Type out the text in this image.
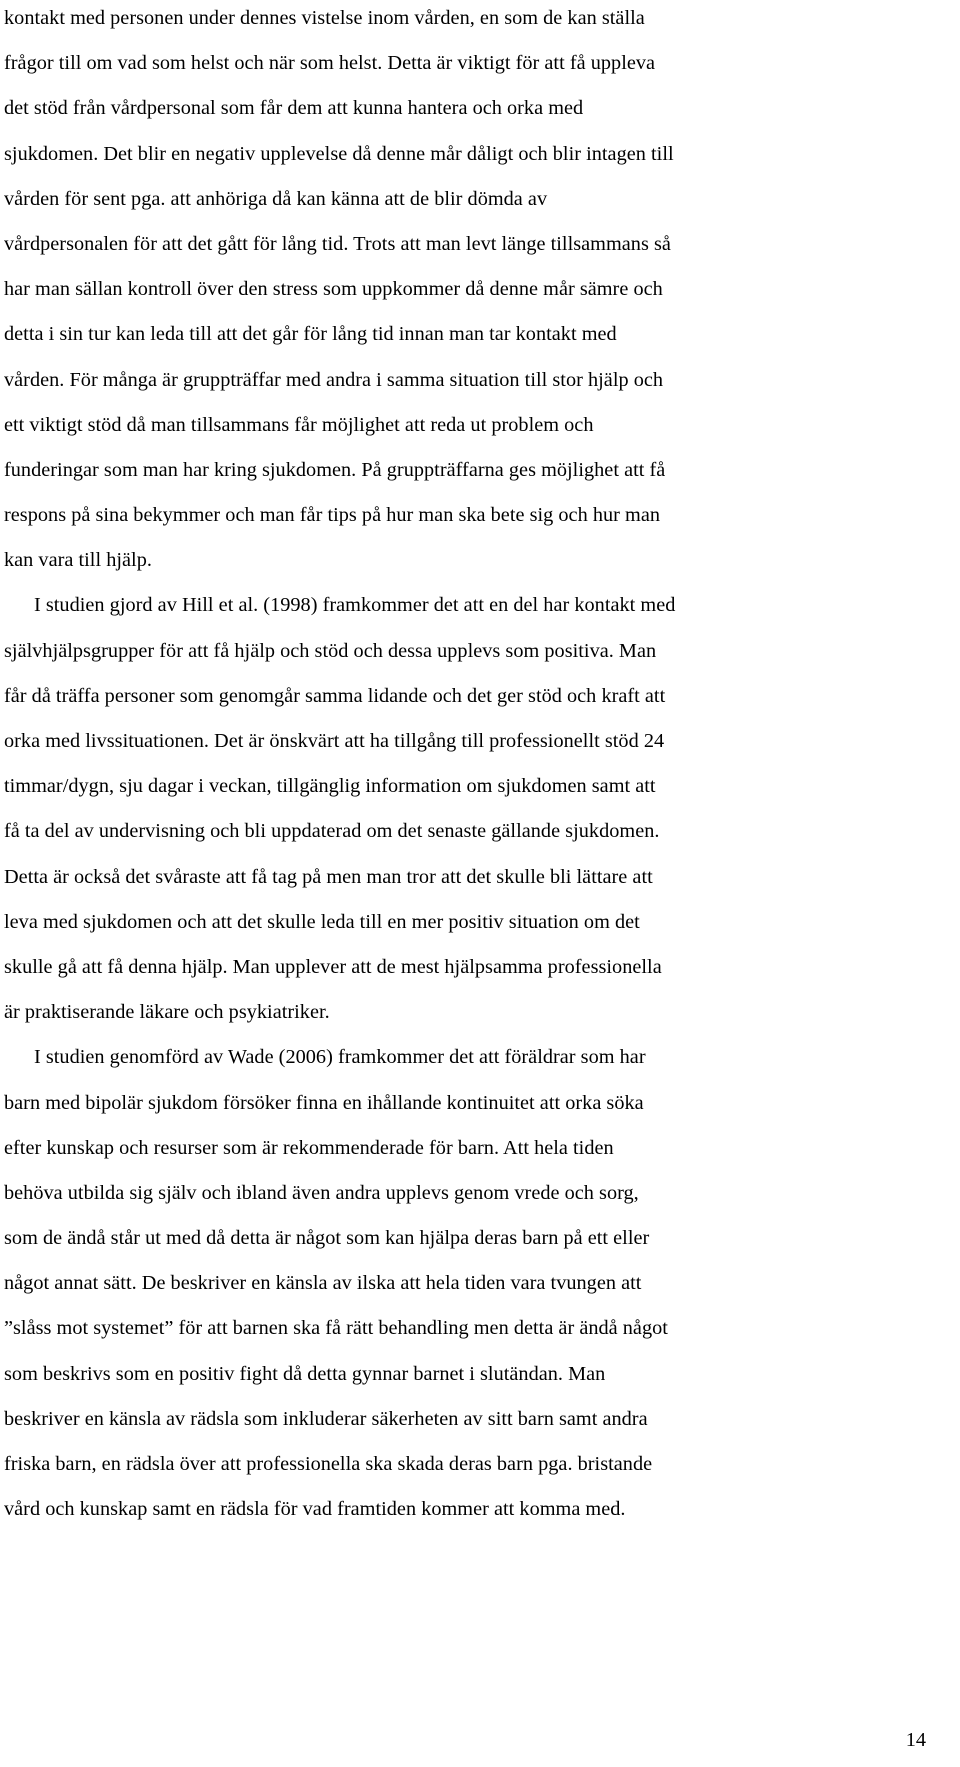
kontakt med personen under dennes vistelse inom vården, en som de kan ställa
frågor till om vad som helst och när som helst. Detta är viktigt för att få uppleva
det stöd från vårdpersonal som får dem att kunna hantera och orka med
sjukdomen. Det blir en negativ upplevelse då denne mår dåligt och blir intagen till
vården för sent pga. att anhöriga då kan känna att de blir dömda av
vårdpersonalen för att det gått för lång tid. Trots att man levt länge tillsammans så
har man sällan kontroll över den stress som uppkommer då denne mår sämre och
detta i sin tur kan leda till att det går för lång tid innan man tar kontakt med
vården. För många är gruppträffar med andra i samma situation till stor hjälp och
ett viktigt stöd då man tillsammans får möjlighet att reda ut problem och
funderingar som man har kring sjukdomen. På gruppträffarna ges möjlighet att få
respons på sina bekymmer och man får tips på hur man ska bete sig och hur man
kan vara till hjälp.
I studien gjord av Hill et al. (1998) framkommer det att en del har kontakt med
självhjälpsgrupper för att få hjälp och stöd och dessa upplevs som positiva. Man
får då träffa personer som genomgår samma lidande och det ger stöd och kraft att
orka med livssituationen. Det är önskvärt att ha tillgång till professionellt stöd 24
timmar/dygn, sju dagar i veckan, tillgänglig information om sjukdomen samt att
få ta del av undervisning och bli uppdaterad om det senaste gällande sjukdomen.
Detta är också det svåraste att få tag på men man tror att det skulle bli lättare att
leva med sjukdomen och att det skulle leda till en mer positiv situation om det
skulle gå att få denna hjälp. Man upplever att de mest hjälpsamma professionella
är praktiserande läkare och psykiatriker.
I studien genomförd av Wade (2006) framkommer det att föräldrar som har
barn med bipolär sjukdom försöker finna en ihållande kontinuitet att orka söka
efter kunskap och resurser som är rekommenderade för barn. Att hela tiden
behöva utbilda sig själv och ibland även andra upplevs genom vrede och sorg,
som de ändå står ut med då detta är något som kan hjälpa deras barn på ett eller
något annat sätt. De beskriver en känsla av ilska att hela tiden vara tvungen att
”slåss mot systemet” för att barnen ska få rätt behandling men detta är ändå något
som beskrivs som en positiv fight då detta gynnar barnet i slutändan. Man
beskriver en känsla av rädsla som inkluderar säkerheten av sitt barn samt andra
friska barn, en rädsla över att professionella ska skada deras barn pga. bristande
vård och kunskap samt en rädsla för vad framtiden kommer att komma med.
14
